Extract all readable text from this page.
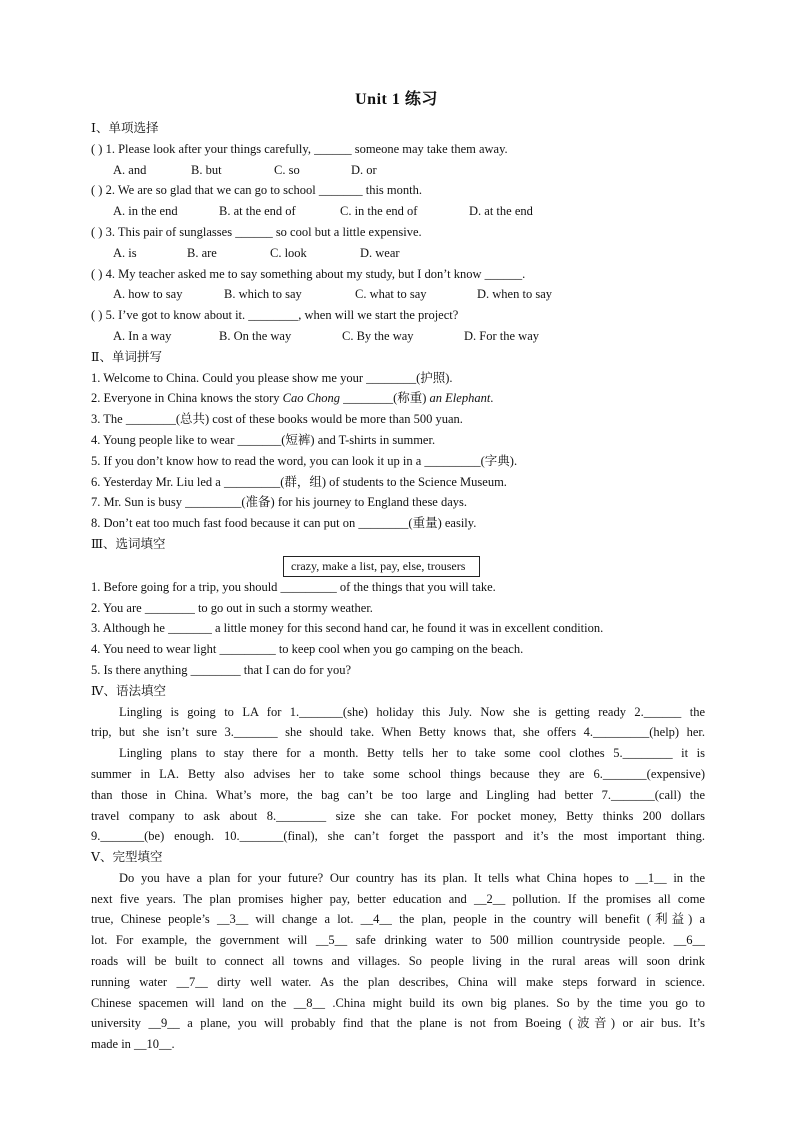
Unit 1 练习
Ⅰ、单项选择
( ) 1. Please look after your things carefully, ______ someone may take them away.
A. and	B. but	C. so	D. or
( ) 2. We are so glad that we can go to school _______ this month.
A. in the end	B. at the end of	C. in the end of	D. at the end
( ) 3. This pair of sunglasses ______ so cool but a little expensive.
A. is	B. are	C. look	D. wear
( ) 4. My teacher asked me to say something about my study, but I don’t know ______.
A. how to say	B. which to say	C. what to say	D. when to say
( ) 5. I’ve got to know about it. ________, when will we start the project?
A. In a way	B. On the way	C. By the way	D. For the way
Ⅱ、单词拼写
1. Welcome to China. Could you please show me your ________(护照).
2. Everyone in China knows the story Cao Chong ________(称重) an Elephant.
3. The ________(总共) cost of these books would be more than 500 yuan.
4. Young people like to wear _______(短裤) and T-shirts in summer.
5. If you don’t know how to read the word, you can look it up in a _________(字典).
6. Yesterday Mr. Liu led a _________(群，组) of students to the Science Museum.
7. Mr. Sun is busy _________(准备) for his journey to England these days.
8. Don’t eat too much fast food because it can put on ________(重量) easily.
Ⅲ、选词填空
crazy, make a list, pay, else, trousers
1. Before going for a trip, you should _________ of the things that you will take.
2. You are ________ to go out in such a stormy weather.
3. Although he _______ a little money for this second hand car, he found it was in excellent condition.
4. You need to wear light _________ to keep cool when you go camping on the beach.
5. Is there anything ________ that I can do for you?
Ⅳ、语法填空
Lingling is going to LA for 1._______(she) holiday this July. Now she is getting ready 2.______ the
trip, but she isn’t sure 3._______ she should take. When Betty knows that, she offers 4._________(help) her.
Lingling plans to stay there for a month. Betty tells her to take some cool clothes 5.________ it is
summer in LA. Betty also advises her to take some school things because they are 6._______(expensive)
than those in China. What’s more, the bag can’t be too large and Lingling had better 7._______(call) the
travel company to ask about 8.________ size she can take. For pocket money, Betty thinks 200 dollars
9._______(be) enough. 10._______(final), she can’t forget the passport and it’s the most important thing.
Ⅴ、完型填空
Do you have a plan for your future? Our country has its plan. It tells what China hopes to __1__ in the
next five years. The plan promises higher pay, better education and __2__ pollution. If the promises all come
true, Chinese people’s __3__ will change a lot. __4__ the plan, people in the country will benefit (利益) a
lot. For example, the government will __5__ safe drinking water to 500 million countryside people. __6__
roads will be built to connect all towns and villages. So people living in the rural areas will soon drink
running water __7__ dirty well water. As the plan describes, China will make steps forward in science.
Chinese spacemen will land on the __8__ .China might build its own big planes. So by the time you go to
university __9__ a plane, you will probably find that the plane is not from Boeing (波音) or air bus. It’s
made in __10__.
